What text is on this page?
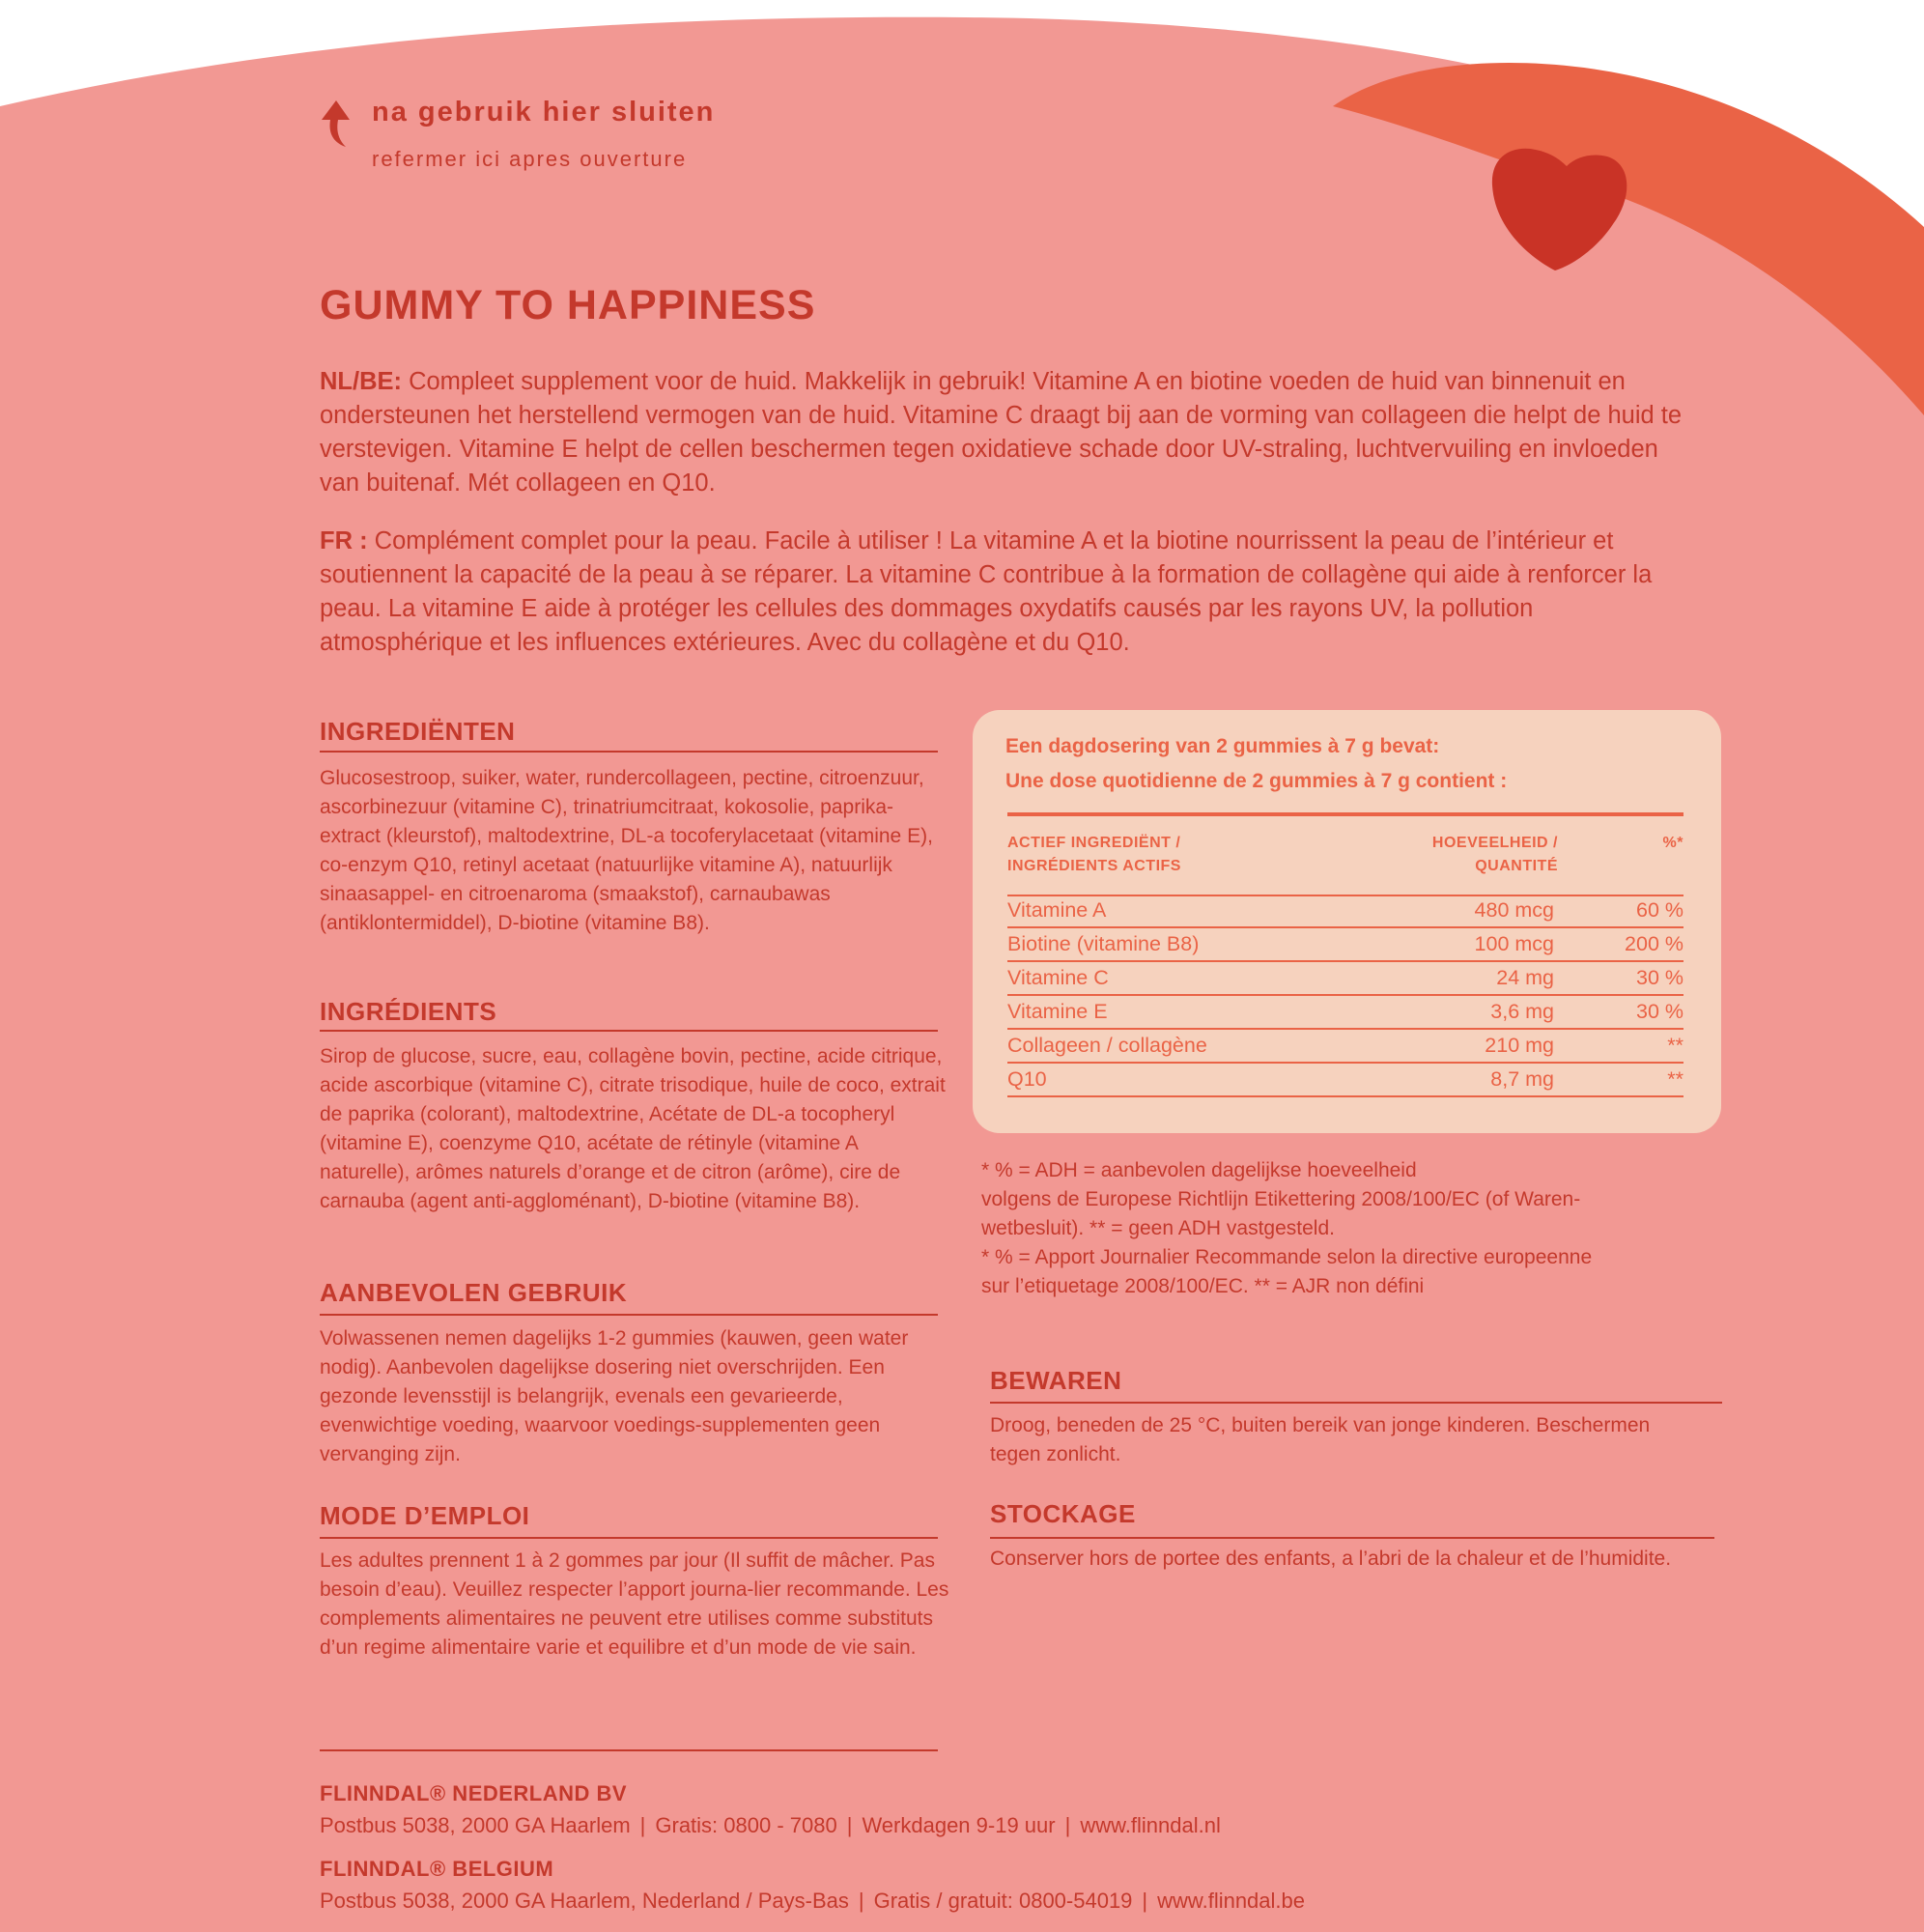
na gebruik hier sluiten
refermer ici apres ouverture
GUMMY TO HAPPINESS
NL/BE: Compleet supplement voor de huid. Makkelijk in gebruik! Vitamine A en biotine voeden de huid van binnenuit en ondersteunen het herstellend vermogen van de huid. Vitamine C draagt bij aan de vorming van collageen die helpt de huid te verstevigen. Vitamine E helpt de cellen beschermen tegen oxidatieve schade door UV-straling, luchtvervuiling en invloeden van buitenaf. Mét collageen en Q10.
FR : Complément complet pour la peau. Facile à utiliser ! La vitamine A et la biotine nourrissent la peau de l’intérieur et soutiennent la capacité de la peau à se réparer. La vitamine C contribue à la formation de collagène qui aide à renforcer la peau. La vitamine E aide à protéger les cellules des dommages oxydatifs causés par les rayons UV, la pollution atmosphérique et les influences extérieures. Avec du collagène et du Q10.
INGREDIËNTEN
Glucosestroop, suiker, water, rundercollageen, pectine, citroenzuur, ascorbinezuur (vitamine C), trinatriumcitraat, kokosolie, paprika-extract (kleurstof), maltodextrine, DL-a tocoferylacetaat (vitamine E), co-enzym Q10, retinyl acetaat (natuurlijke vitamine A), natuurlijk sinaasappel- en citroenaroma (smaakstof), carnaubawas (antiklontermiddel), D-biotine (vitamine B8).
INGRÉDIENTS
Sirop de glucose, sucre, eau, collagène bovin, pectine, acide citrique, acide ascorbique (vitamine C), citrate trisodique, huile de coco, extrait de paprika (colorant), maltodextrine, Acétate de DL-a tocopheryl (vitamine E), coenzyme Q10, acétate de rétinyle (vitamine A naturelle), arômes naturels d’orange et de citron (arôme), cire de carnauba (agent anti-aggloménant), D-biotine (vitamine B8).
AANBEVOLEN GEBRUIK
Volwassenen nemen dagelijks 1-2 gummies (kauwen, geen water nodig). Aanbevolen dagelijkse dosering niet overschrijden. Een gezonde levensstijl is belangrijk, evenals een gevarieerde, evenwichtige voeding, waarvoor voedings-supplementen geen vervanging zijn.
MODE D’EMPLOI
Les adultes prennent 1 à 2 gommes par jour (Il suffit de mâcher. Pas besoin d’eau). Veuillez respecter l’apport journa-lier recommande. Les complements alimentaires ne peuvent etre utilises comme substituts d’un regime alimentaire varie et equilibre et d’un mode de vie sain.
Een dagdosering van 2 gummies à 7 g bevat:
Une dose quotidienne de 2 gummies à 7 g contient :
ACTIEF INGREDIËNT /
INGRÉDIENTS ACTIFS
HOEVEELHEID /
QUANTITÉ
%*
Vitamine A	480 mcg	60 %
Biotine (vitamine B8)	100 mcg	200 %
Vitamine C	24 mg	30 %
Vitamine E	3,6 mg	30 %
Collageen / collagène	210 mg	**
Q10	8,7 mg	**
* % = ADH = aanbevolen dagelijkse hoeveelheid
volgens de Europese Richtlijn Etikettering 2008/100/EC (of Waren-
wetbesluit). ** = geen ADH vastgesteld.
* % = Apport Journalier Recommande selon la directive europeenne
sur l’etiquetage 2008/100/EC. ** = AJR non défini
BEWAREN
Droog, beneden de 25 °C, buiten bereik van jonge kinderen. Beschermen tegen zonlicht.
STOCKAGE
Conserver hors de portee des enfants, a l’abri de la chaleur et de l’humidite.
FLINNDAL® NEDERLAND BV
Postbus 5038, 2000 GA Haarlem | Gratis: 0800 - 7080 | Werkdagen 9-19 uur | www.flinndal.nl
FLINNDAL® BELGIUM
Postbus 5038, 2000 GA Haarlem, Nederland / Pays-Bas | Gratis / gratuit: 0800-54019 | www.flinndal.be
